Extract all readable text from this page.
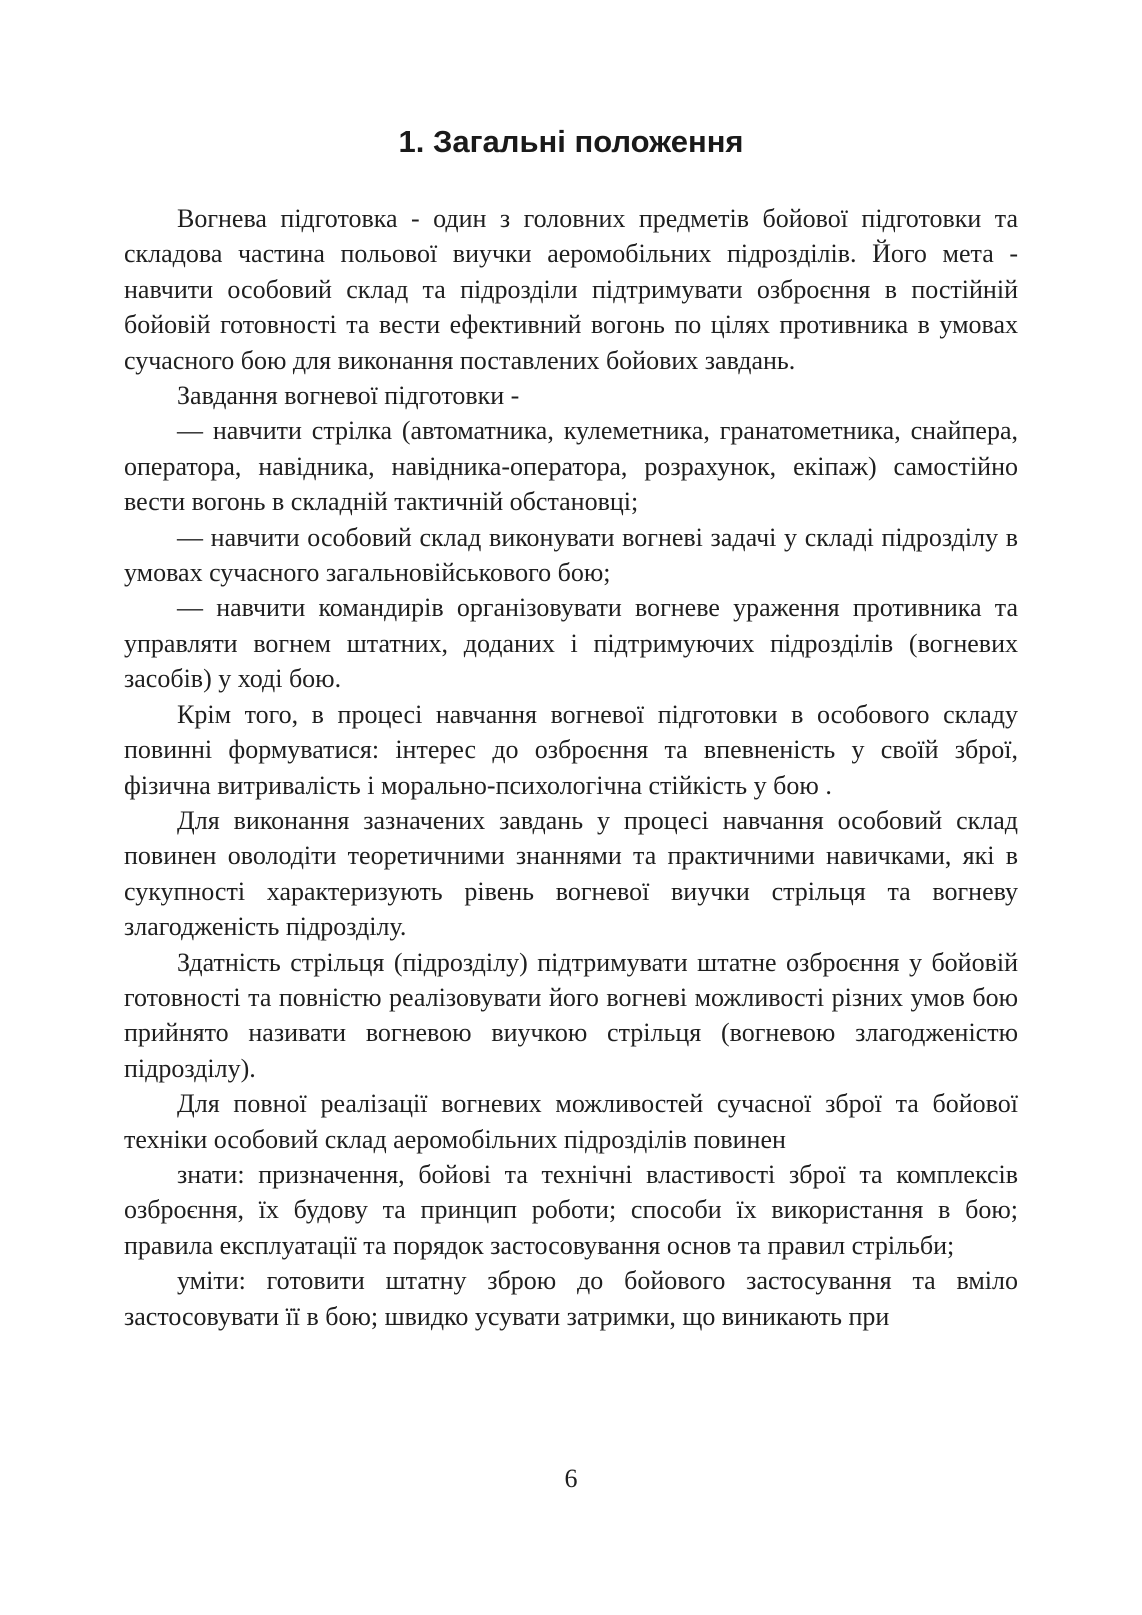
1. Загальні положення

Вогнева підготовка - один з головних предметів бойової підготовки та складова частина польової виучки аеромобільних підрозділів. Його мета - навчити особовий склад та підрозділи підтримувати озброєння в постійній бойовій готовності та вести ефективний вогонь по цілях противника в умовах сучасного бою для виконання поставлених бойових завдань.

Завдання вогневої підготовки -

— навчити стрілка (автоматника, кулеметника, гранатометника, снайпера, оператора, навідника, навідника-оператора, розрахунок, екіпаж) самостійно вести вогонь в складній тактичній обстановці;

— навчити особовий склад виконувати вогневі задачі у складі підрозділу в умовах сучасного загальновійськового бою;

— навчити командирів організовувати вогневе ураження противника та управляти вогнем штатних, доданих і підтримуючих підрозділів (вогневих засобів) у ході бою.

Крім того, в процесі навчання вогневої підготовки в особового складу повинні формуватися: інтерес до озброєння та впевненість у своїй зброї, фізична витривалість і морально-психологічна стійкість у бою .

Для виконання зазначених завдань у процесі навчання особовий склад повинен оволодіти теоретичними знаннями та практичними навичками, які в сукупності характеризують рівень вогневої виучки стрільця та вогневу злагодженість підрозділу.

Здатність стрільця (підрозділу) підтримувати штатне озброєння у бойовій готовності та повністю реалізовувати його вогневі можливості різних умов бою прийнято називати вогневою виучкою стрільця (вогневою злагодженістю підрозділу).

Для повної реалізації вогневих можливостей сучасної зброї та бойової техніки особовий склад аеромобільних підрозділів повинен

знати: призначення, бойові та технічні властивості зброї та комплексів озброєння, їх будову та принцип роботи; способи їх використання в бою; правила експлуатації та порядок застосовування основ та правил стрільби;

уміти: готовити штатну зброю до бойового застосування та вміло застосовувати її в бою; швидко усувати затримки, що виникають при

6
